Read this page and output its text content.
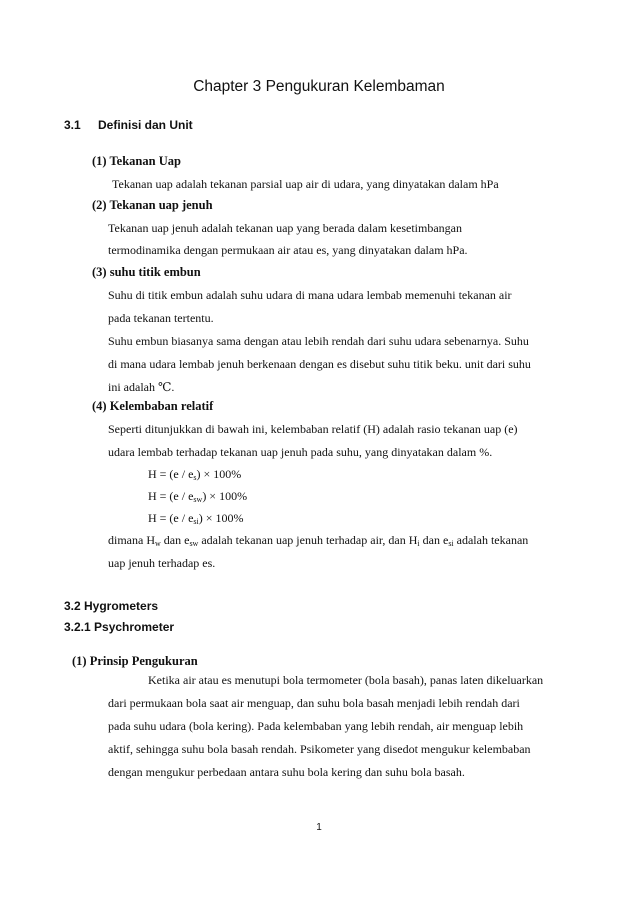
Chapter 3 Pengukuran Kelembaman
3.1 Definisi dan Unit
(1) Tekanan Uap
Tekanan uap adalah tekanan parsial uap air di udara, yang dinyatakan dalam hPa
(2) Tekanan uap jenuh
Tekanan uap jenuh adalah tekanan uap yang berada dalam kesetimbangan
termodinamika dengan permukaan air atau es, yang dinyatakan dalam hPa.
(3) suhu titik embun
Suhu di titik embun adalah suhu udara di mana udara lembab memenuhi tekanan air
pada tekanan tertentu.
Suhu embun biasanya sama dengan atau lebih rendah dari suhu udara sebenarnya. Suhu
di mana udara lembab jenuh berkenaan dengan es disebut suhu titik beku. unit dari suhu
ini adalah ℃.
(4) Kelembaban relatif
Seperti ditunjukkan di bawah ini, kelembaban relatif (H) adalah rasio tekanan uap (e)
udara lembab terhadap tekanan uap jenuh pada suhu, yang dinyatakan dalam %.
$H = (e / e_s) \times 100\%$
$H = (e / e_{sw}) \times 100\%$
$H = (e / e_{si}) \times 100\%$
dimana $H_w$ dan $e_{sw}$ adalah tekanan uap jenuh terhadap air, dan $H_i$ dan $e_{si}$ adalah tekanan
uap jenuh terhadap es.
3.2 Hygrometers
3.2.1 Psychrometer
(1) Prinsip Pengukuran
Ketika air atau es menutupi bola termometer (bola basah), panas laten dikeluarkan
dari permukaan bola saat air menguap, dan suhu bola basah menjadi lebih rendah dari
pada suhu udara (bola kering). Pada kelembaban yang lebih rendah, air menguap lebih
aktif, sehingga suhu bola basah rendah. Psikometer yang disedot mengukur kelembaban
dengan mengukur perbedaan antara suhu bola kering dan suhu bola basah.
1
